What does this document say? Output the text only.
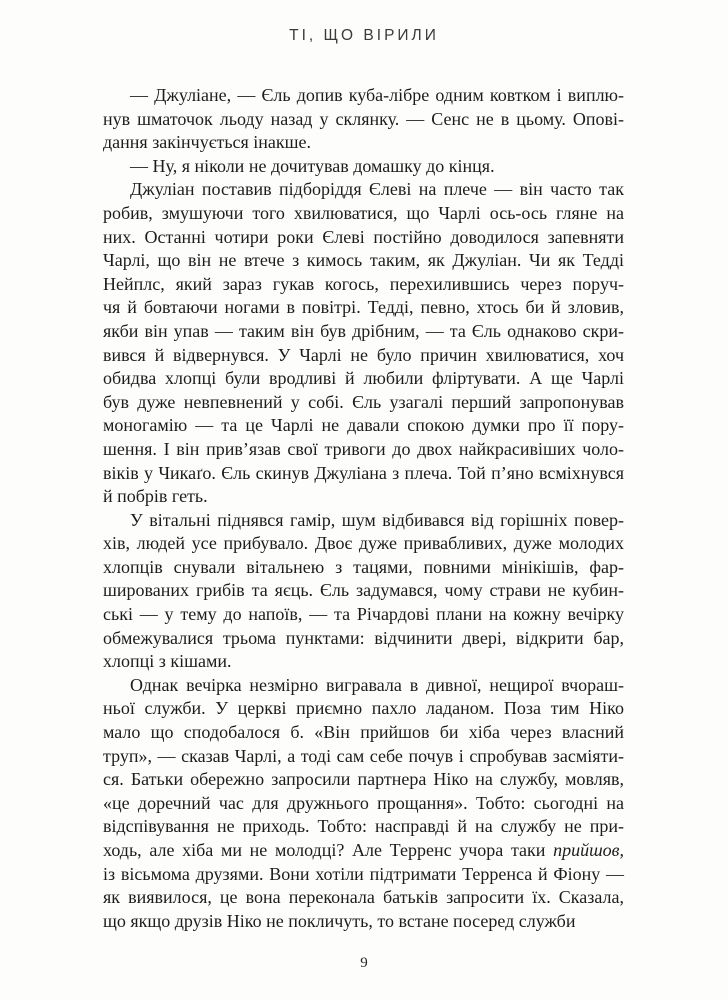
ТІ, ЩО ВІРИЛИ
— Джуліане, — Єль допив куба-лібре одним ковтком і виплю-
нув шматочок льоду назад у склянку. — Сенс не в цьому. Опові-
дання закінчується інакше.
— Ну, я ніколи не дочитував домашку до кінця.
Джуліан поставив підборіддя Єлеві на плече — він часто так
робив, змушуючи того хвилюватися, що Чарлі ось-ось гляне на
них. Останні чотири роки Єлеві постійно доводилося запевняти
Чарлі, що він не втече з кимось таким, як Джуліан. Чи як Тедді
Нейплс, який зараз гукав когось, перехилившись через поруч-
чя й бовтаючи ногами в повітрі. Тедді, певно, хтось би й зловив,
якби він упав — таким він був дрібним, — та Єль однаково скри-
вився й відвернувся. У Чарлі не було причин хвилюватися, хоч
обидва хлопці були вродливі й любили фліртувати. А ще Чарлі
був дуже невпевнений у собі. Єль узагалі перший запропонував
моногамію — та це Чарлі не давали спокою думки про її пору-
шення. І він прив’язав свої тривоги до двох найкрасивіших чоло-
віків у Чикаґо. Єль скинув Джуліана з плеча. Той п’яно всміхнувся
й побрів геть.
У вітальні піднявся гамір, шум відбивався від горішніх повер-
хів, людей усе прибувало. Двоє дуже привабливих, дуже молодих
хлопців снували вітальнею з тацями, повними мінікішів, фар-
шированих грибів та яєць. Єль задумався, чому страви не кубин-
ські — у тему до напоїв, — та Річардові плани на кожну вечірку
обмежувалися трьома пунктами: відчинити двері, відкрити бар,
хлопці з кішами.
Однак вечірка незмірно вигравала в дивної, нещирої вчораш-
ньої служби. У церкві приємно пахло ладаном. Поза тим Ніко
мало що сподобалося б. «Він прийшов би хіба через власний
труп», — сказав Чарлі, а тоді сам себе почув і спробував засміяти-
ся. Батьки обережно запросили партнера Ніко на службу, мовляв,
«це доречний час для дружнього прощання». Тобто: сьогодні на
відспівування не приходь. Тобто: насправді й на службу не при-
ходь, але хіба ми не молодці? Але Терренс учора таки прийшов,
із вісьмома друзями. Вони хотіли підтримати Терренса й Фіону —
як виявилося, це вона переконала батьків запросити їх. Сказала,
що якщо друзів Ніко не покличуть, то встане посеред служби
9
